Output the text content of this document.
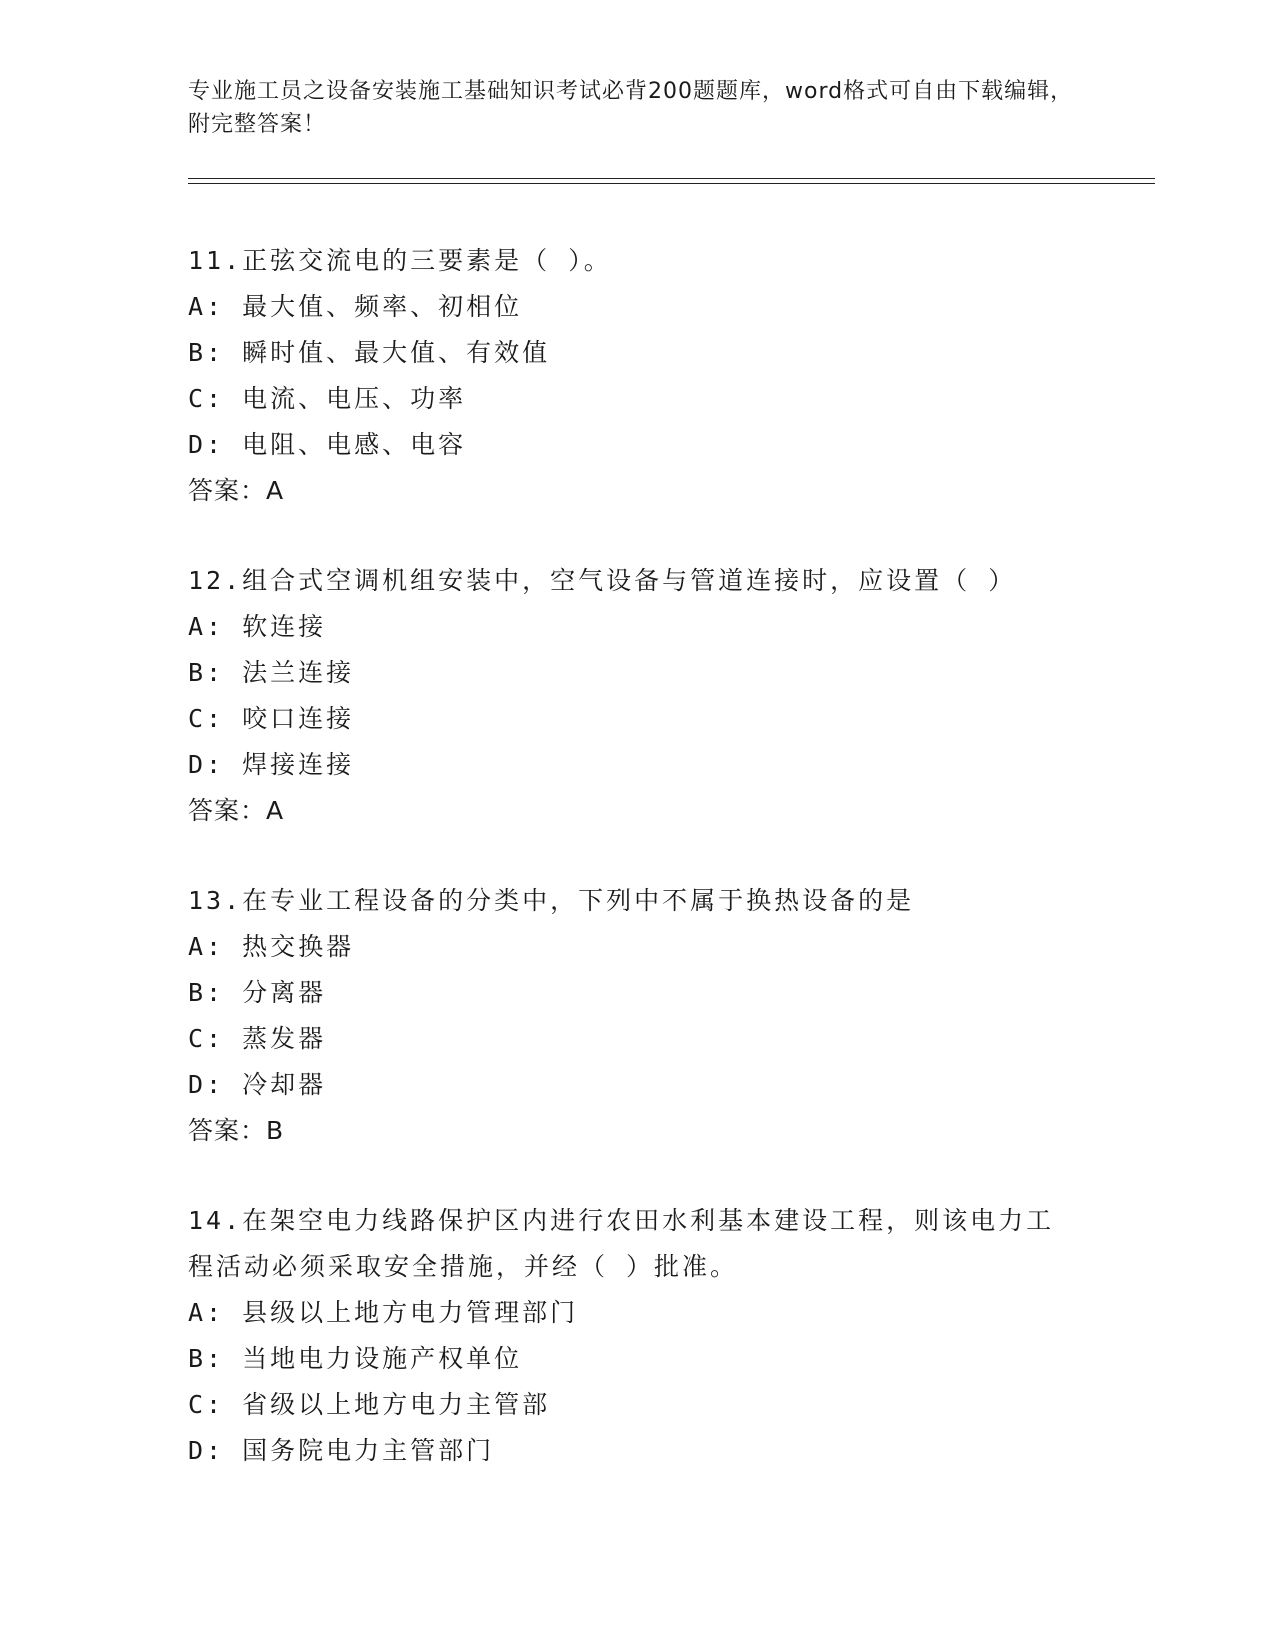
专业施工员之设备安装施工基础知识考试必背200题题库，word格式可自由下载编辑，附完整答案！
11.正弦交流电的三要素是（ ）。
A: 最大值、频率、初相位
B: 瞬时值、最大值、有效值
C: 电流、电压、功率
D: 电阻、电感、电容
答案：A
12.组合式空调机组安装中，空气设备与管道连接时，应设置（ ）
A: 软连接
B: 法兰连接
C: 咬口连接
D: 焊接连接
答案：A
13.在专业工程设备的分类中，下列中不属于换热设备的是
A: 热交换器
B: 分离器
C: 蒸发器
D: 冷却器
答案：B
14.在架空电力线路保护区内进行农田水利基本建设工程，则该电力工程活动必须采取安全措施，并经（ ）批准。
A: 县级以上地方电力管理部门
B: 当地电力设施产权单位
C: 省级以上地方电力主管部
D: 国务院电力主管部门
